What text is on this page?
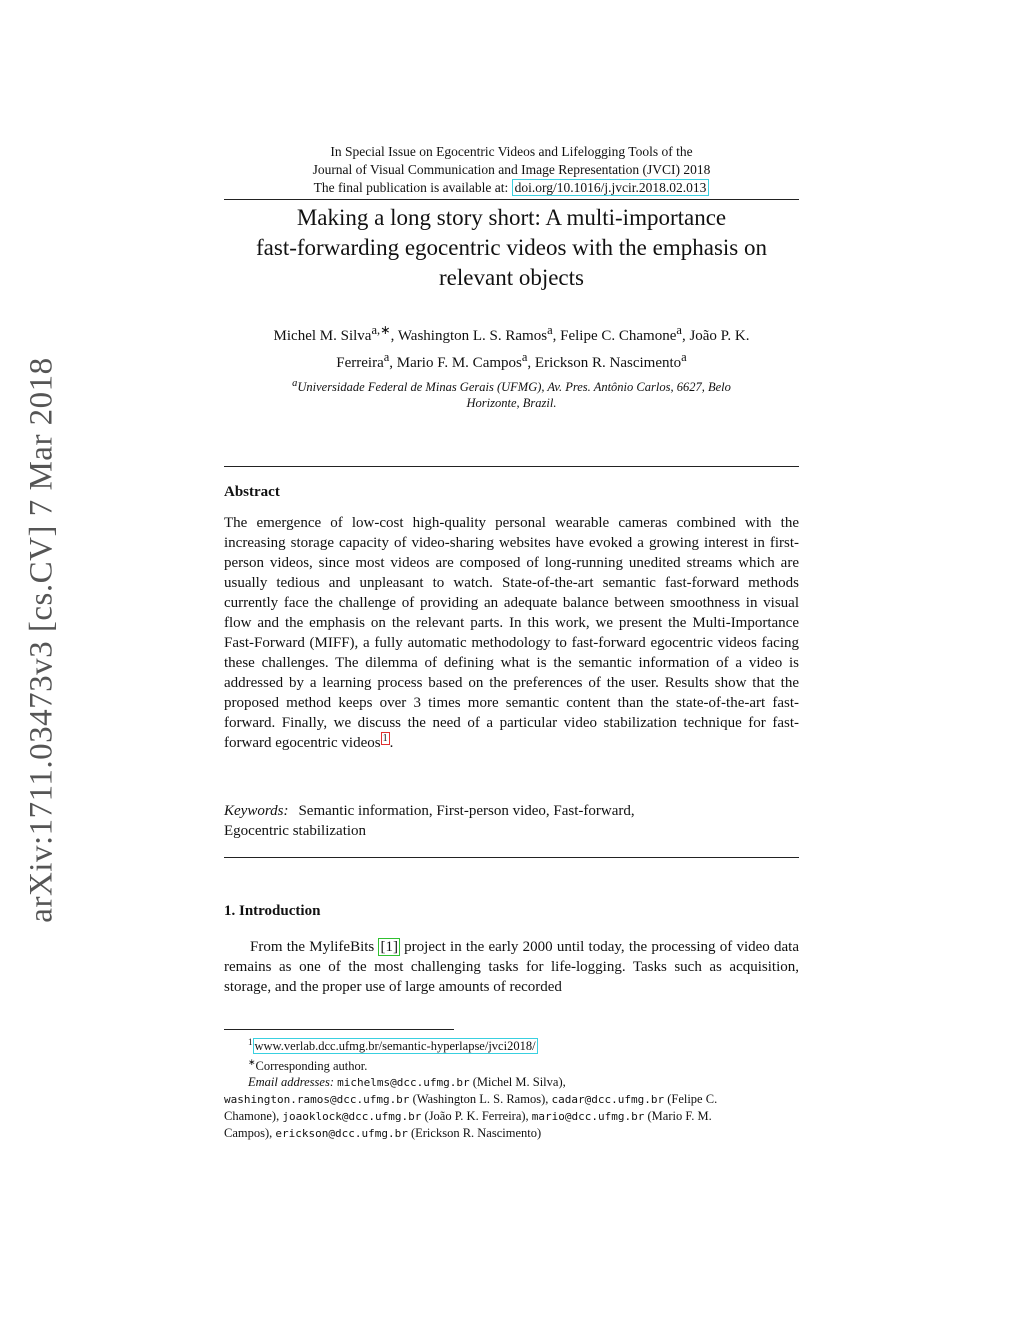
arXiv:1711.03473v3 [cs.CV] 7 Mar 2018
In Special Issue on Egocentric Videos and Lifelogging Tools of the
Journal of Visual Communication and Image Representation (JVCI) 2018
The final publication is available at: doi.org/10.1016/j.jvcir.2018.02.013
Making a long story short: A multi-importance
fast-forwarding egocentric videos with the emphasis on
relevant objects
Michel M. Silva$^{a,∗}$, Washington L. S. Ramos$^a$, Felipe C. Chamone$^a$, João P. K.
Ferreira$^a$, Mario F. M. Campos$^a$, Erickson R. Nascimento$^a$
$^a$Universidade Federal de Minas Gerais (UFMG), Av. Pres. Antônio Carlos, 6627, Belo
Horizonte, Brazil.
Abstract
The emergence of low-cost high-quality personal wearable cameras combined with the increasing storage capacity of video-sharing websites have evoked a growing interest in first-person videos, since most videos are composed of long-running unedited streams which are usually tedious and unpleasant to watch. State-of-the-art semantic fast-forward methods currently face the challenge of providing an adequate balance between smoothness in visual flow and the emphasis on the relevant parts. In this work, we present the Multi-Importance Fast-Forward (MIFF), a fully automatic methodology to fast-forward egocentric videos facing these challenges. The dilemma of defining what is the semantic information of a video is addressed by a learning process based on the preferences of the user. Results show that the proposed method keeps over 3 times more semantic content than the state-of-the-art fast-forward. Finally, we discuss the need of a particular video stabilization technique for fast-forward egocentric videos $^1$ .
Keywords: Semantic information, First-person video, Fast-forward,
Egocentric stabilization
1. Introduction
From the MylifeBits [1] project in the early 2000 until today, the processing of video data remains as one of the most challenging tasks for life-logging. Tasks such as acquisition, storage, and the proper use of large amounts of recorded
$^1$ www.verlab.dcc.ufmg.br/semantic-hyperlapse/jvci2018/
∗Corresponding author.
Email addresses: michelms@dcc.ufmg.br (Michel M. Silva),
washington.ramos@dcc.ufmg.br (Washington L. S. Ramos), cadar@dcc.ufmg.br (Felipe C.
Chamone), joaoklock@dcc.ufmg.br (João P. K. Ferreira), mario@dcc.ufmg.br (Mario F. M.
Campos), erickson@dcc.ufmg.br (Erickson R. Nascimento)
